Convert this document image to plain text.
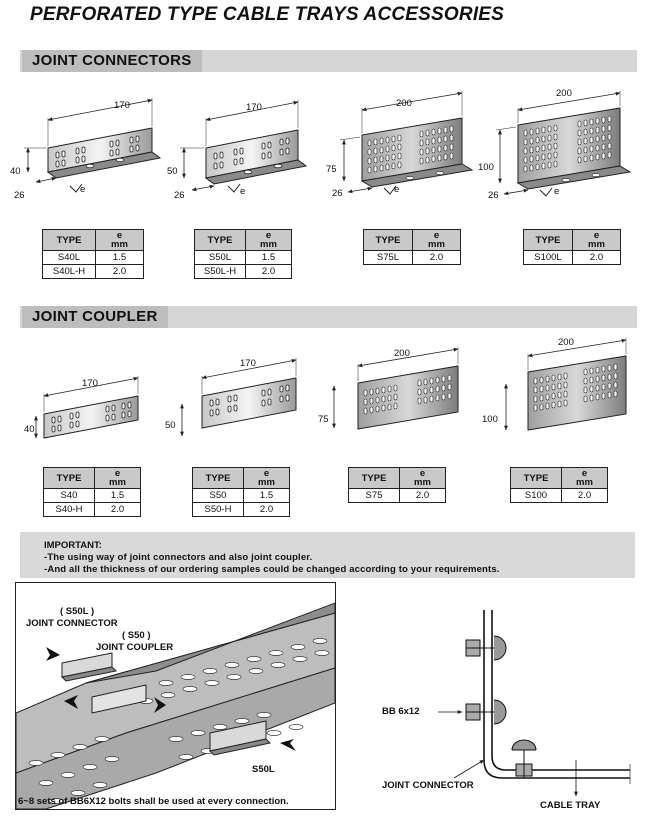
PERFORATED TYPE CABLE TRAYS ACCESSORIES
JOINT CONNECTORS
JOINT COUPLER
170
40
26
e
170
50
26	e
200
75
26	e
200
100
26	e
TYPE	e
mm
S40L	1.5
S40L-H	2.0
TYPE	e
mm
S50L	1.5
S50L-H	2.0
TYPE	e
mm
S75L	2.0
TYPE	e
mm
S100L	2.0
170
40
170
50
200
75
200
100
TYPE	e
mm
S40	1.5
S40-H	2.0
TYPE	e
mm
S50	1.5
S50-H	2.0
TYPE	e
mm
S75	2.0
TYPE	e
mm
S100	2.0
IMPORTANT:
-The using way of joint connectors and also joint coupler.
-And all the thickness of our ordering samples could be changed according to your requirements.
( S50L )
JOINT CONNECTOR
( S50 )
JOINT COUPLER
S50L
6~8 sets of BB6X12 bolts shall be used at every connection.
BB 6x12
JOINT CONNECTOR
CABLE TRAY
